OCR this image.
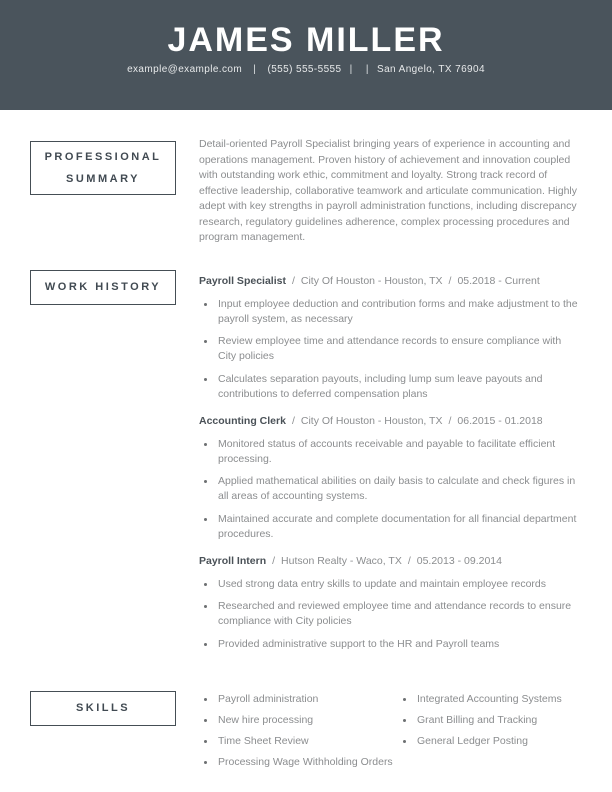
JAMES MILLER
example@example.com | (555) 555-5555 | | San Angelo, TX 76904
PROFESSIONAL
SUMMARY

Detail-oriented Payroll Specialist bringing years of experience in accounting and operations management. Proven history of achievement and innovation coupled with outstanding work ethic, commitment and loyalty. Strong track record of effective leadership, collaborative teamwork and articulate communication. Highly adept with key strengths in payroll administration functions, including discrepancy research, regulatory guidelines adherence, complex processing procedures and program management.

WORK HISTORY	Payroll Specialist / City Of Houston - Houston, TX / 05.2018 - Current
• Input employee deduction and contribution forms and make adjustment to the payroll system, as necessary
• Review employee time and attendance records to ensure compliance with City policies
• Calculates separation payouts, including lump sum leave payouts and contributions to deferred compensation plans
Accounting Clerk / City Of Houston - Houston, TX / 06.2015 - 01.2018
• Monitored status of accounts receivable and payable to facilitate efficient processing.
• Applied mathematical abilities on daily basis to calculate and check figures in all areas of accounting systems.
• Maintained accurate and complete documentation for all financial department procedures.
Payroll Intern / Hutson Realty - Waco, TX / 05.2013 - 09.2014
• Used strong data entry skills to update and maintain employee records
• Researched and reviewed employee time and attendance records to ensure compliance with City policies
• Provided administrative support to the HR and Payroll teams
SKILLS
• Payroll administration
• New hire processing
• Time Sheet Review
• Processing Wage Withholding Orders
• Integrated Accounting Systems
• Grant Billing and Tracking
• General Ledger Posting
